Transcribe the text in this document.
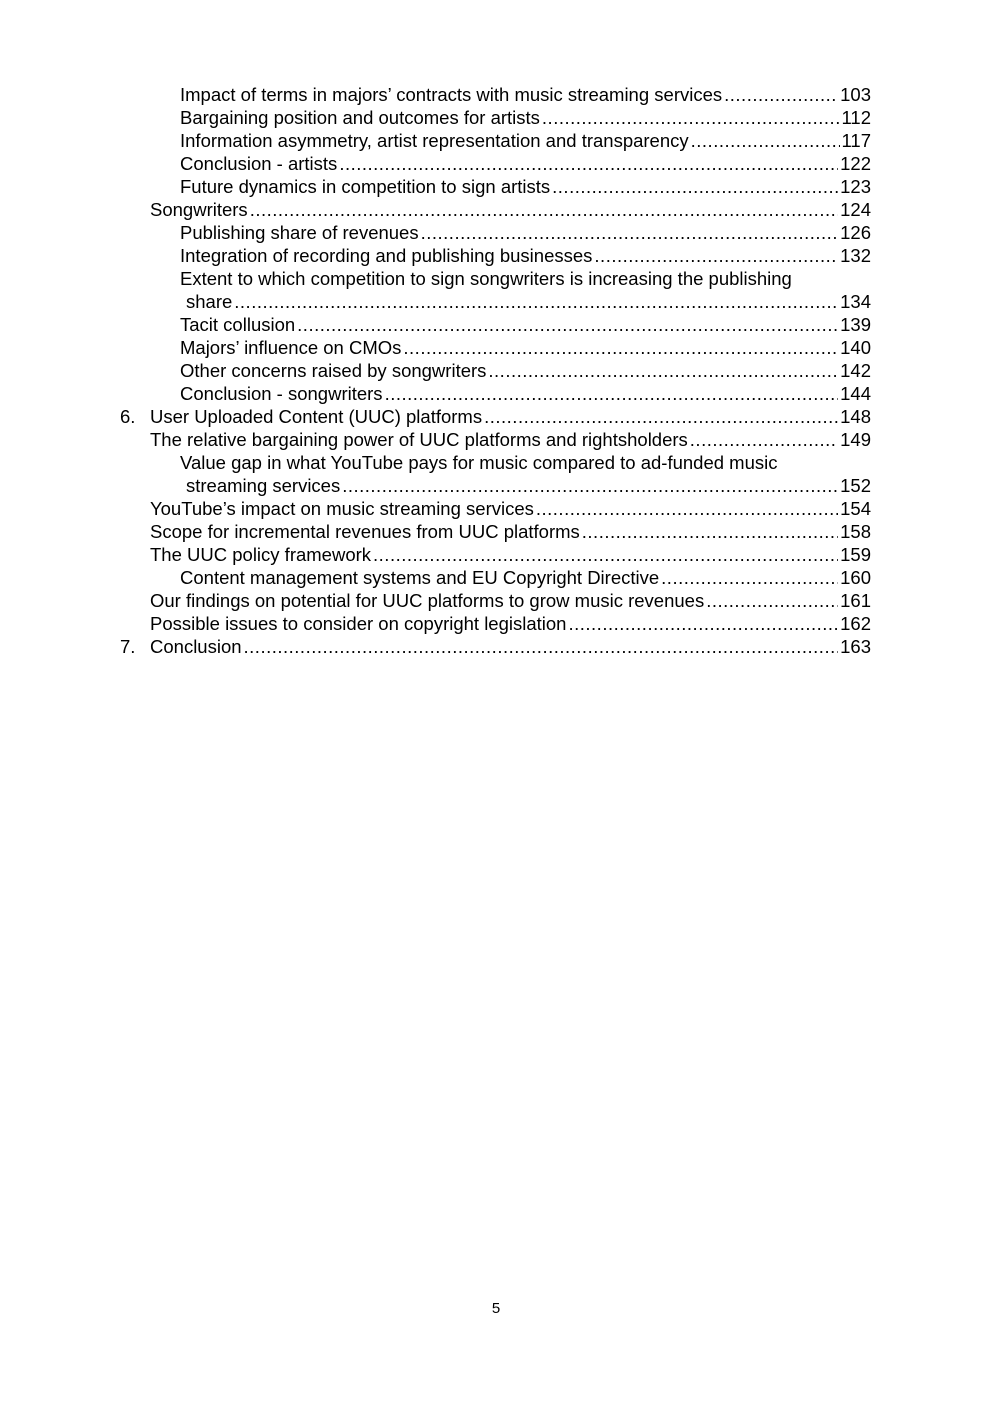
Impact of terms in majors’ contracts with music streaming services .....	103
Bargaining position and outcomes for artists .....	112
Information asymmetry, artist representation and transparency .....	117
Conclusion - artists .....	122
Future dynamics in competition to sign artists .....	123
Songwriters .....	124
Publishing share of revenues .....	126
Integration of recording and publishing businesses .....	132
Extent to which competition to sign songwriters is increasing the publishing
share .....	134
Tacit collusion .....	139
Majors’ influence on CMOs .....	140
Other concerns raised by songwriters .....	142
Conclusion - songwriters .....	144
6. User Uploaded Content (UUC) platforms .....	148
The relative bargaining power of UUC platforms and rightsholders .....	149
Value gap in what YouTube pays for music compared to ad-funded music
streaming services .....	152
YouTube’s impact on music streaming services .....	154
Scope for incremental revenues from UUC platforms .....	158
The UUC policy framework .....	159
Content management systems and EU Copyright Directive .....	160
Our findings on potential for UUC platforms to grow music revenues .....	161
Possible issues to consider on copyright legislation .....	162
7. Conclusion .....	163
5
